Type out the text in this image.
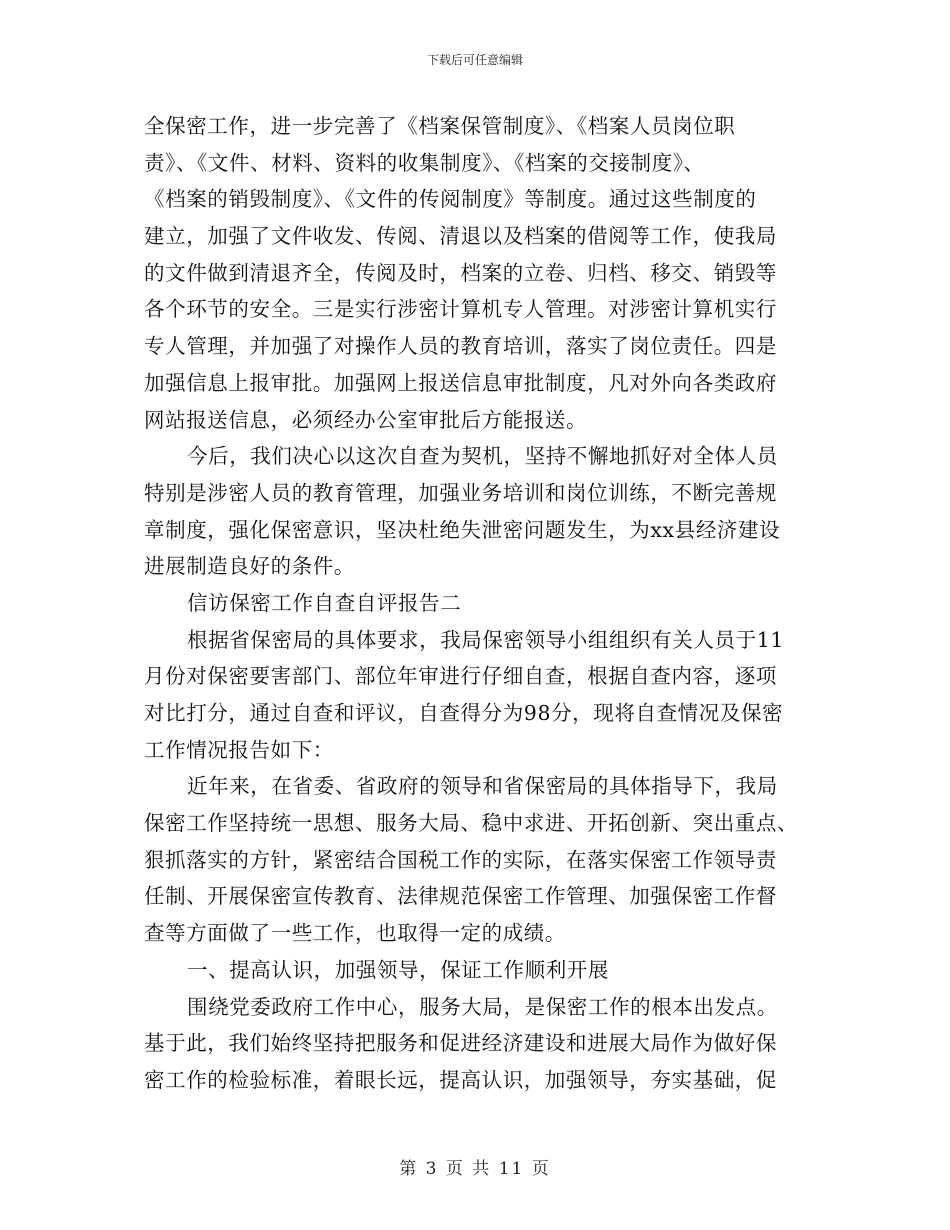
下载后可任意编辑
全保密工作，进一步完善了《档案保管制度》、《档案人员岗位职
责》、《文件、材料、资料的收集制度》、《档案的交接制度》、
《档案的销毁制度》、《文件的传阅制度》等制度。通过这些制度的
建立，加强了文件收发、传阅、清退以及档案的借阅等工作，使我局
的文件做到清退齐全，传阅及时，档案的立卷、归档、移交、销毁等
各个环节的安全。三是实行涉密计算机专人管理。对涉密计算机实行
专人管理，并加强了对操作人员的教育培训，落实了岗位责任。四是
加强信息上报审批。加强网上报送信息审批制度，凡对外向各类政府
网站报送信息，必须经办公室审批后方能报送。
今后，我们决心以这次自查为契机，坚持不懈地抓好对全体人员
特别是涉密人员的教育管理，加强业务培训和岗位训练，不断完善规
章制度，强化保密意识，坚决杜绝失泄密问题发生，为xx县经济建设
进展制造良好的条件。
信访保密工作自查自评报告二
根据省保密局的具体要求，我局保密领导小组组织有关人员于11
月份对保密要害部门、部位年审进行仔细自查，根据自查内容，逐项
对比打分，通过自查和评议，自查得分为98分，现将自查情况及保密
工作情况报告如下：
近年来，在省委、省政府的领导和省保密局的具体指导下，我局
保密工作坚持统一思想、服务大局、稳中求进、开拓创新、突出重点、
狠抓落实的方针，紧密结合国税工作的实际，在落实保密工作领导责
任制、开展保密宣传教育、法律规范保密工作管理、加强保密工作督
查等方面做了一些工作，也取得一定的成绩。
一、提高认识，加强领导，保证工作顺利开展
围绕党委政府工作中心，服务大局，是保密工作的根本出发点。
基于此，我们始终坚持把服务和促进经济建设和进展大局作为做好保
密工作的检验标准，着眼长远，提高认识，加强领导，夯实基础，促
第 3 页 共 11 页
